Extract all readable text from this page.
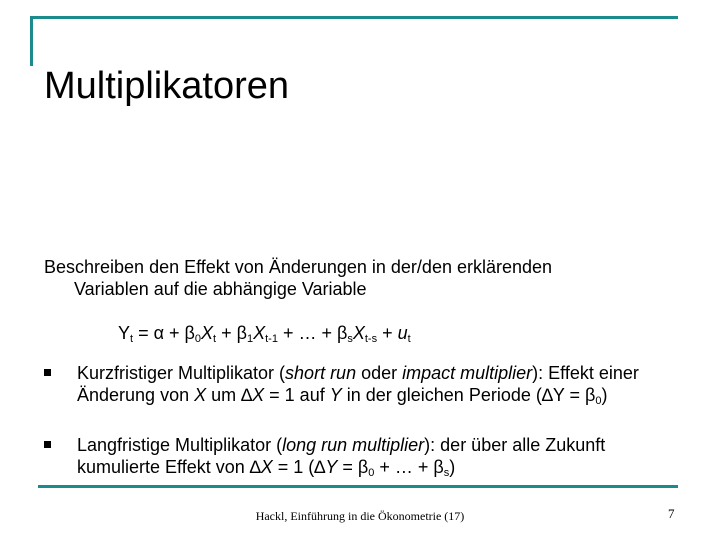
Multiplikatoren
Beschreiben den Effekt von Änderungen in der/den erklärenden
Variablen auf die abhängige Variable
$Y_t = \alpha + \beta_0X_t + \beta_1X_{t-1}$ + … + $\beta_sX_{t-s} + u_t$
Kurzfristiger Multiplikator (short run oder impact multiplier): Effekt einer Änderung von X um ∆X = 1 auf Y in der gleichen Periode $(\Delta Y = \beta_0)$
Langfristige Multiplikator (long run multiplier): der über alle Zukunft kumulierte Effekt von ∆X = 1 ($\Delta Y = \beta_0$ + … + $\beta_s$)
Hackl, Einführung in die Ökonometrie (17)	7
